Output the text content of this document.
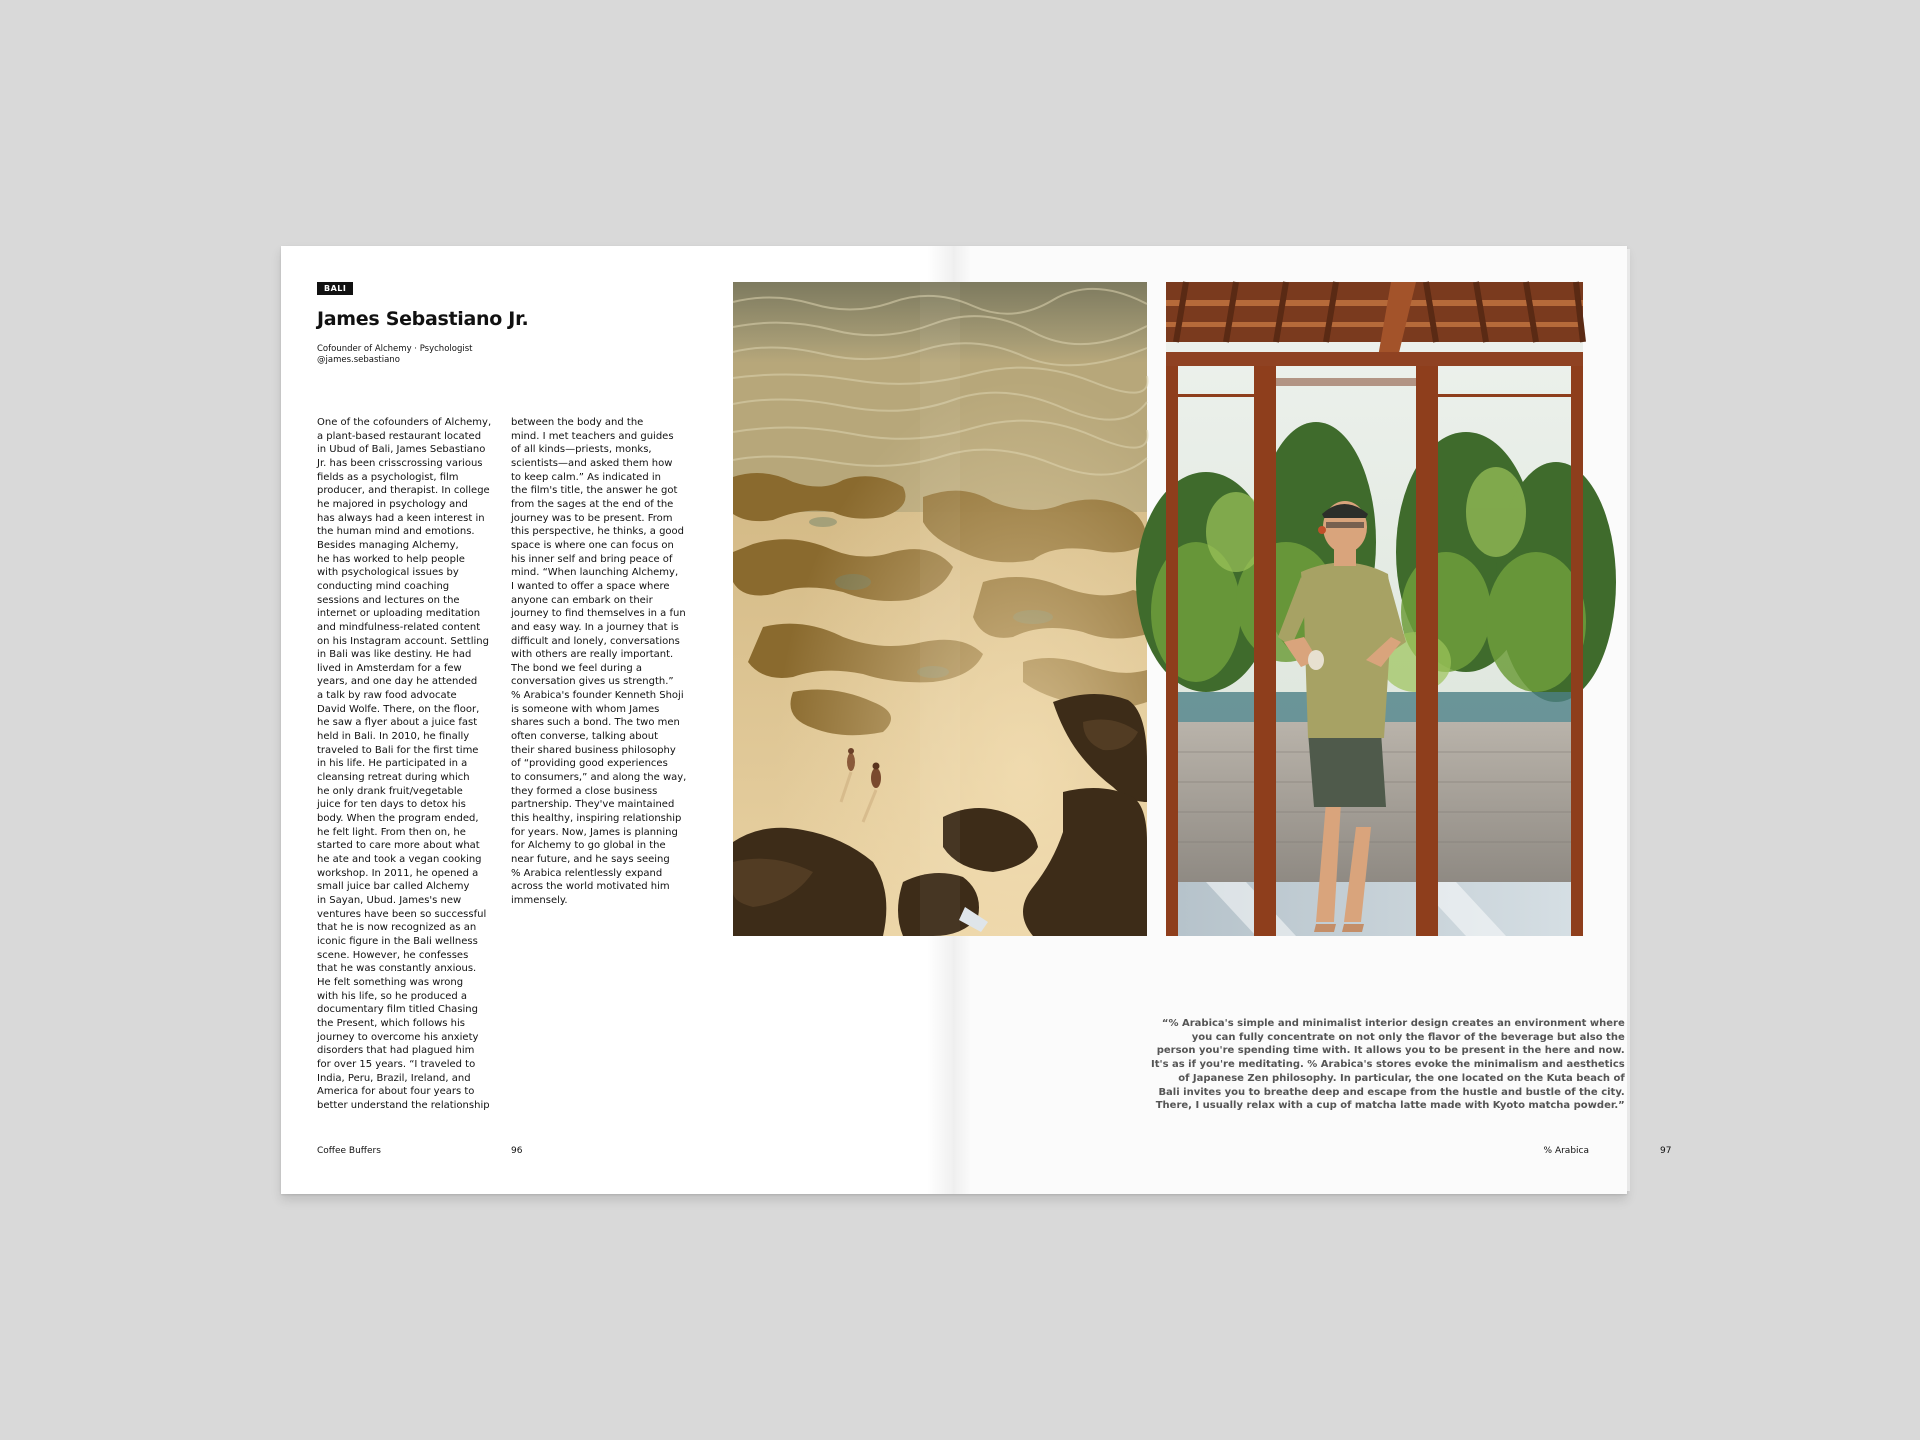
BALI
James Sebastiano Jr.
Cofounder of Alchemy · Psychologist
@james.sebastiano
One of the cofounders of Alchemy,
a plant-based restaurant located
in Ubud of Bali, James Sebastiano
Jr. has been crisscrossing various
fields as a psychologist, film
producer, and therapist. In college
he majored in psychology and
has always had a keen interest in
the human mind and emotions.
Besides managing Alchemy,
he has worked to help people
with psychological issues by
conducting mind coaching
sessions and lectures on the
internet or uploading meditation
and mindfulness-related content
on his Instagram account. Settling
in Bali was like destiny. He had
lived in Amsterdam for a few
years, and one day he attended
a talk by raw food advocate
David Wolfe. There, on the floor,
he saw a flyer about a juice fast
held in Bali. In 2010, he finally
traveled to Bali for the first time
in his life. He participated in a
cleansing retreat during which
he only drank fruit/vegetable
juice for ten days to detox his
body. When the program ended,
he felt light. From then on, he
started to care more about what
he ate and took a vegan cooking
workshop. In 2011, he opened a
small juice bar called Alchemy
in Sayan, Ubud. James's new
ventures have been so successful
that he is now recognized as an
iconic figure in the Bali wellness
scene. However, he confesses
that he was constantly anxious.
He felt something was wrong
with his life, so he produced a
documentary film titled Chasing
the Present, which follows his
journey to overcome his anxiety
disorders that had plagued him
for over 15 years. “I traveled to
India, Peru, Brazil, Ireland, and
America for about four years to
better understand the relationship
between the body and the
mind. I met teachers and guides
of all kinds—priests, monks,
scientists—and asked them how
to keep calm.” As indicated in
the film's title, the answer he got
from the sages at the end of the
journey was to be present. From
this perspective, he thinks, a good
space is where one can focus on
his inner self and bring peace of
mind. “When launching Alchemy,
I wanted to offer a space where
anyone can embark on their
journey to find themselves in a fun
and easy way. In a journey that is
difficult and lonely, conversations
with others are really important.
The bond we feel during a
conversation gives us strength.”
% Arabica's founder Kenneth Shoji
is someone with whom James
shares such a bond. The two men
often converse, talking about
their shared business philosophy
of “providing good experiences
to consumers,” and along the way,
they formed a close business
partnership. They've maintained
this healthy, inspiring relationship
for years. Now, James is planning
for Alchemy to go global in the
near future, and he says seeing
% Arabica relentlessly expand
across the world motivated him
immensely.
Coffee Buffers	96	97
% Arabica
“% Arabica's simple and minimalist interior design creates an environment where
you can fully concentrate on not only the flavor of the beverage but also the
person you're spending time with. It allows you to be present in the here and now.
It's as if you're meditating. % Arabica's stores evoke the minimalism and aesthetics
of Japanese Zen philosophy. In particular, the one located on the Kuta beach of
Bali invites you to breathe deep and escape from the hustle and bustle of the city.
There, I usually relax with a cup of matcha latte made with Kyoto matcha powder.”
